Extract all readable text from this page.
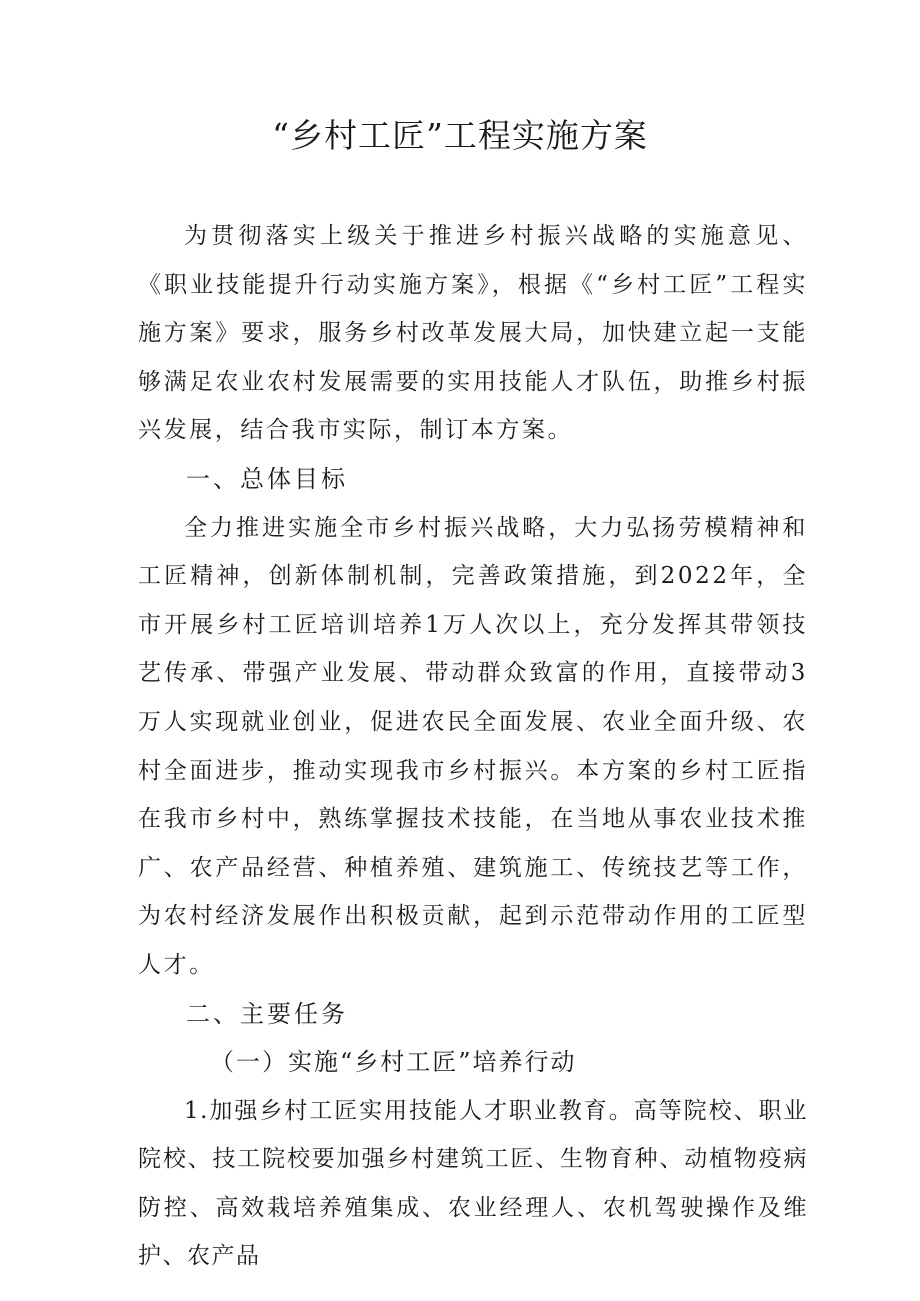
“乡村工匠”工程实施方案

为贯彻落实上级关于推进乡村振兴战略的实施意见、《职业技能提升行动实施方案》，根据《“乡村工匠”工程实施方案》要求，服务乡村改革发展大局，加快建立起一支能够满足农业农村发展需要的实用技能人才队伍，助推乡村振兴发展，结合我市实际，制订本方案。

一、总体目标

全力推进实施全市乡村振兴战略，大力弘扬劳模精神和工匠精神，创新体制机制，完善政策措施，到2022年，全市开展乡村工匠培训培养1万人次以上，充分发挥其带领技艺传承、带强产业发展、带动群众致富的作用，直接带动3万人实现就业创业，促进农民全面发展、农业全面升级、农村全面进步，推动实现我市乡村振兴。本方案的乡村工匠指在我市乡村中，熟练掌握技术技能，在当地从事农业技术推广、农产品经营、种植养殖、建筑施工、传统技艺等工作，为农村经济发展作出积极贡献，起到示范带动作用的工匠型人才。

二、主要任务

（一）实施“乡村工匠”培养行动

1.加强乡村工匠实用技能人才职业教育。高等院校、职业院校、技工院校要加强乡村建筑工匠、生物育种、动植物疫病防控、高效栽培养殖集成、农业经理人、农机驾驶操作及维护、农产品
